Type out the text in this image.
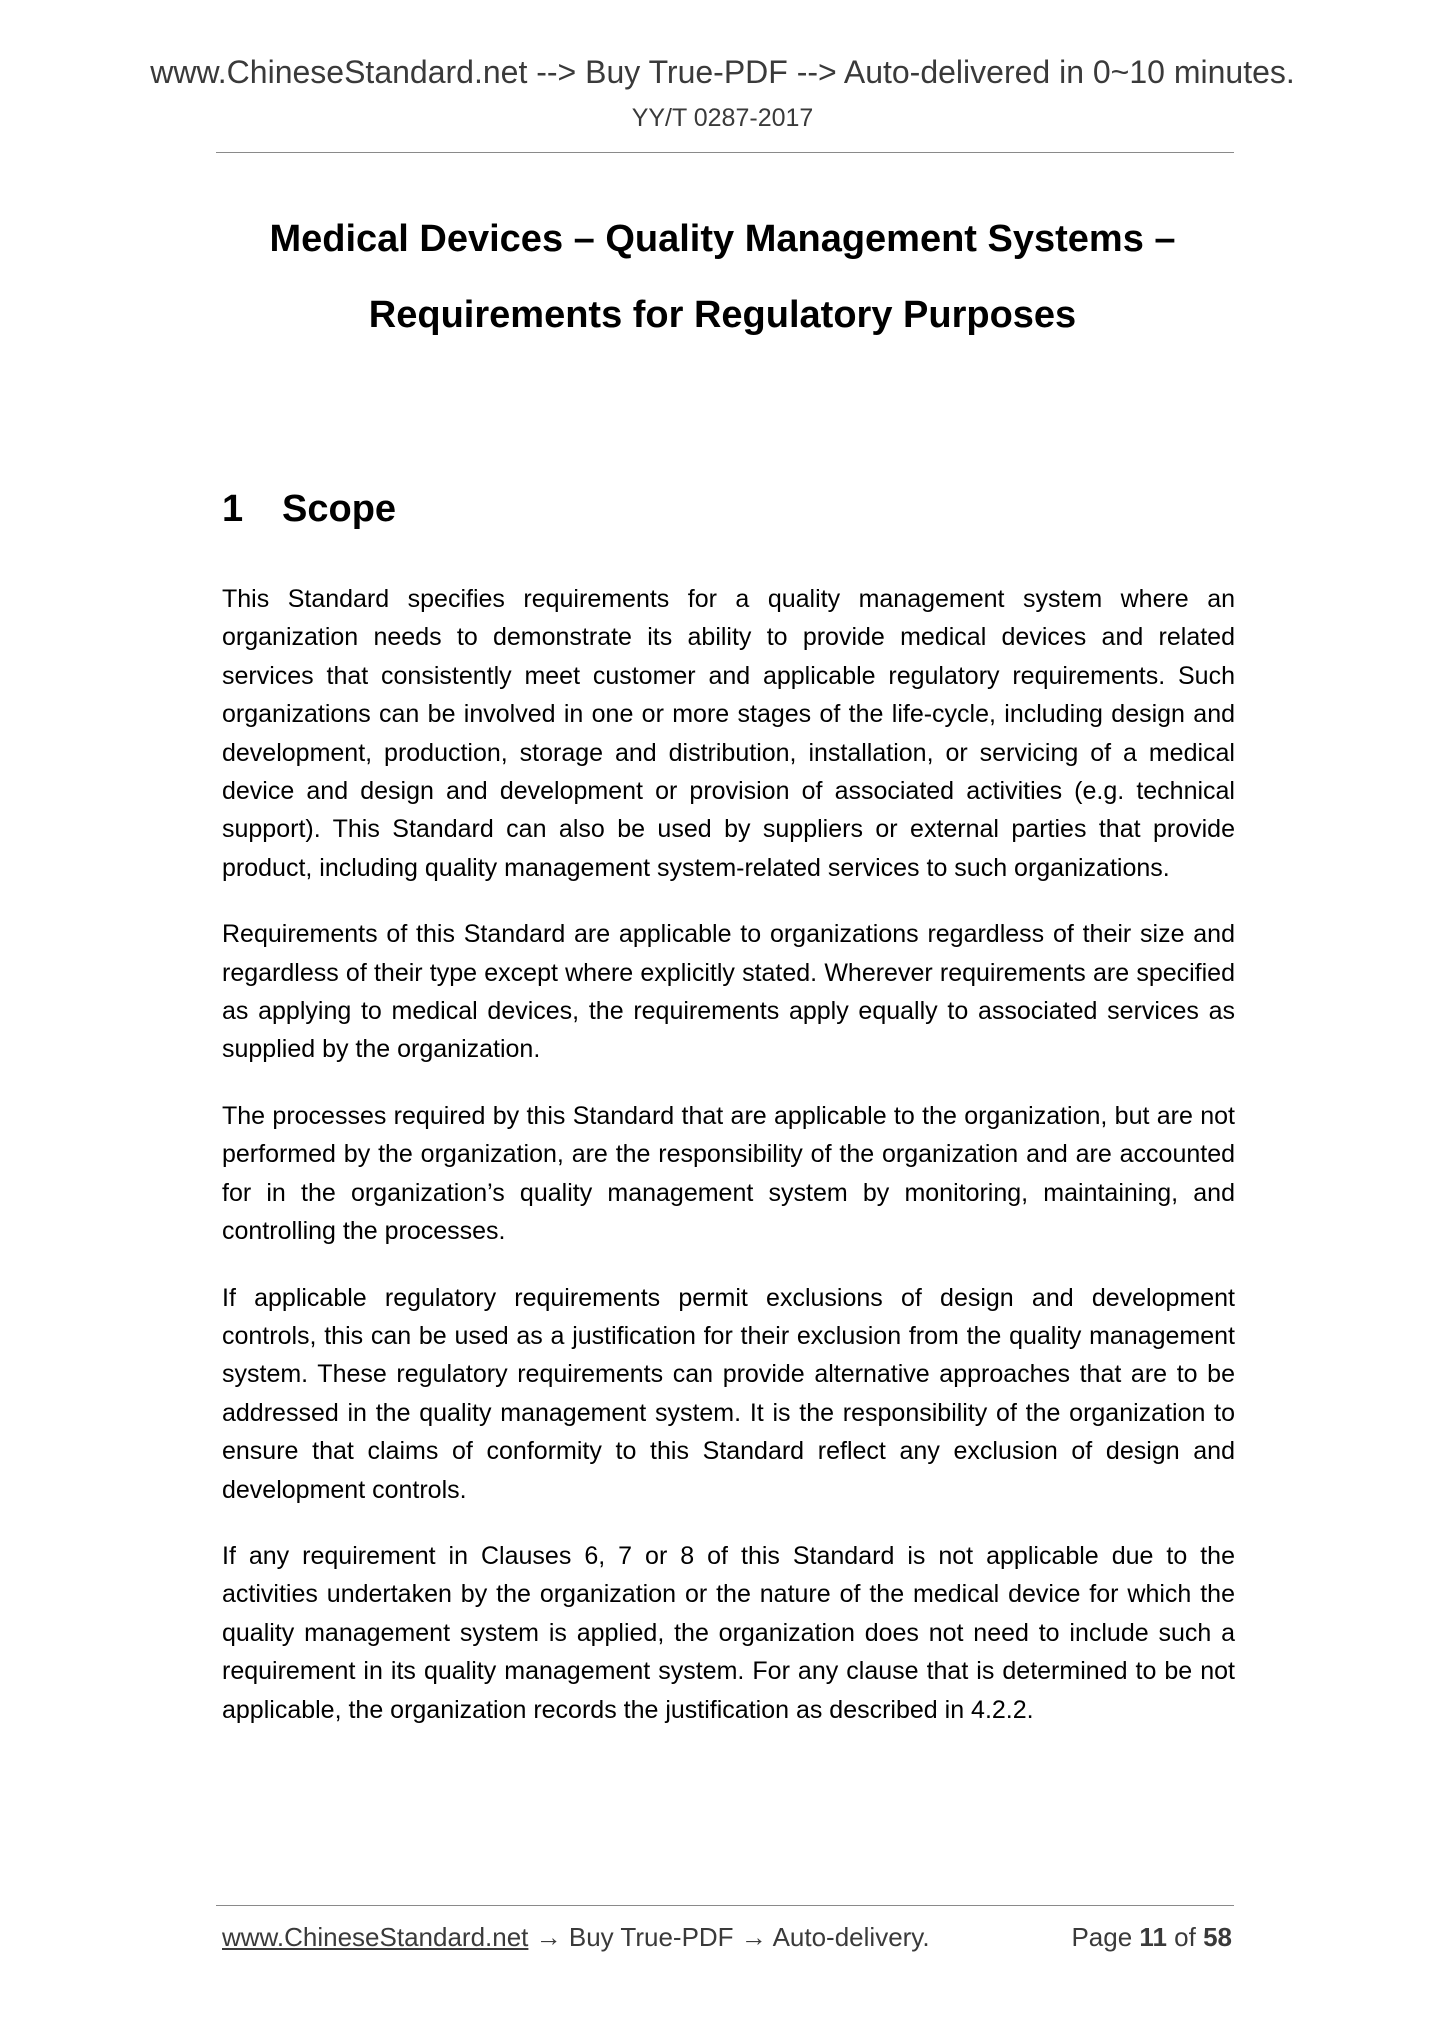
www.ChineseStandard.net --> Buy True-PDF --> Auto-delivered in 0~10 minutes.
YY/T 0287-2017
Medical Devices – Quality Management Systems –
Requirements for Regulatory Purposes
1 Scope

This Standard specifies requirements for a quality management system where an organization needs to demonstrate its ability to provide medical devices and related services that consistently meet customer and applicable regulatory requirements. Such organizations can be involved in one or more stages of the life-cycle, including design and development, production, storage and distribution, installation, or servicing of a medical device and design and development or provision of associated activities (e.g. technical support). This Standard can also be used by suppliers or external parties that provide product, including quality management system-related services to such organizations.

Requirements of this Standard are applicable to organizations regardless of their size and regardless of their type except where explicitly stated. Wherever requirements are specified as applying to medical devices, the requirements apply equally to associated services as supplied by the organization.

The processes required by this Standard that are applicable to the organization, but are not performed by the organization, are the responsibility of the organization and are accounted for in the organization’s quality management system by monitoring, maintaining, and controlling the processes.

If applicable regulatory requirements permit exclusions of design and development controls, this can be used as a justification for their exclusion from the quality management system. These regulatory requirements can provide alternative approaches that are to be addressed in the quality management system. It is the responsibility of the organization to ensure that claims of conformity to this Standard reflect any exclusion of design and development controls.

If any requirement in Clauses 6, 7 or 8 of this Standard is not applicable due to the activities undertaken by the organization or the nature of the medical device for which the quality management system is applied, the organization does not need to include such a requirement in its quality management system. For any clause that is determined to be not applicable, the organization records the justification as described in 4.2.2.

www.ChineseStandard.net → Buy True-PDF → Auto-delivery.	Page 11 of 58
